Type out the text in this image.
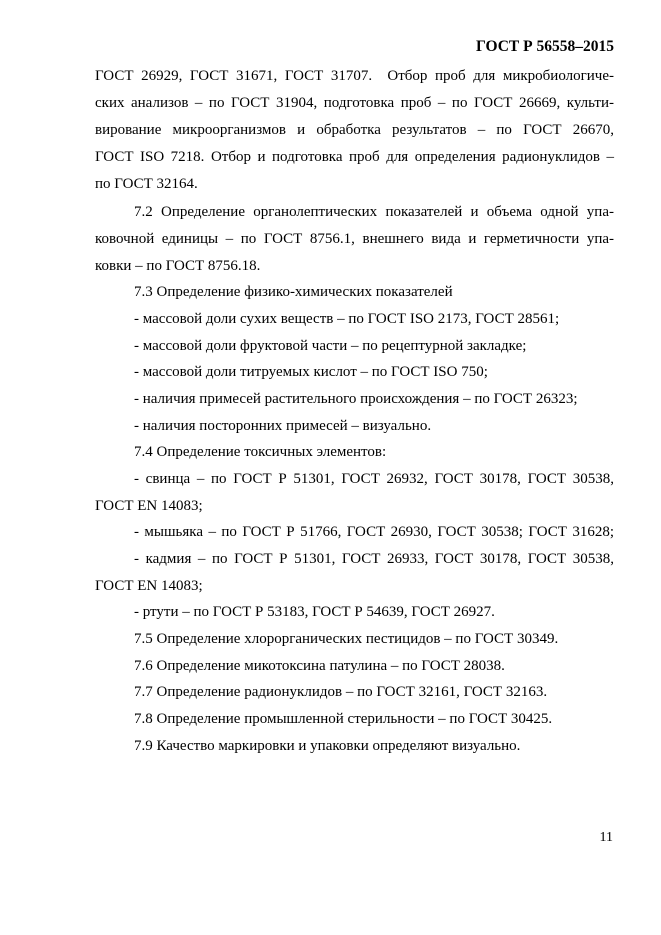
ГОСТ Р 56558–2015
ГОСТ 26929, ГОСТ 31671, ГОСТ 31707.  Отбор проб для микробиологиче-
ских анализов – по ГОСТ 31904, подготовка проб – по ГОСТ 26669, культи-
вирование микроорганизмов и обработка результатов – по ГОСТ 26670,
ГОСТ ISO 7218. Отбор и подготовка проб для определения радионуклидов –
по ГОСТ 32164.
7.2 Определение органолептических показателей и объема одной упа-
ковочной единицы – по ГОСТ 8756.1, внешнего вида и герметичности упа-
ковки – по ГОСТ 8756.18.
7.3 Определение физико-химических показателей
- массовой доли сухих веществ – по ГОСТ ISO 2173, ГОСТ 28561;
- массовой доли фруктовой части – по рецептурной закладке;
- массовой доли титруемых кислот – по ГОСТ ISO 750;
- наличия примесей растительного происхождения – по ГОСТ 26323;
- наличия посторонних примесей – визуально.
7.4 Определение токсичных элементов:
- свинца – по ГОСТ Р 51301, ГОСТ 26932, ГОСТ 30178, ГОСТ 30538,
ГОСТ EN 14083;
- мышьяка – по ГОСТ Р 51766, ГОСТ 26930, ГОСТ 30538; ГОСТ 31628;
- кадмия – по ГОСТ Р 51301, ГОСТ 26933, ГОСТ 30178, ГОСТ 30538,
ГОСТ EN 14083;
- ртути – по ГОСТ Р 53183, ГОСТ Р 54639, ГОСТ 26927.
7.5 Определение хлорорганических пестицидов – по ГОСТ 30349.
7.6 Определение микотоксина патулина – по ГОСТ 28038.
7.7 Определение радионуклидов – по ГОСТ 32161, ГОСТ 32163.
7.8 Определение промышленной стерильности – по ГОСТ 30425.
7.9 Качество маркировки и упаковки определяют визуально.
11
